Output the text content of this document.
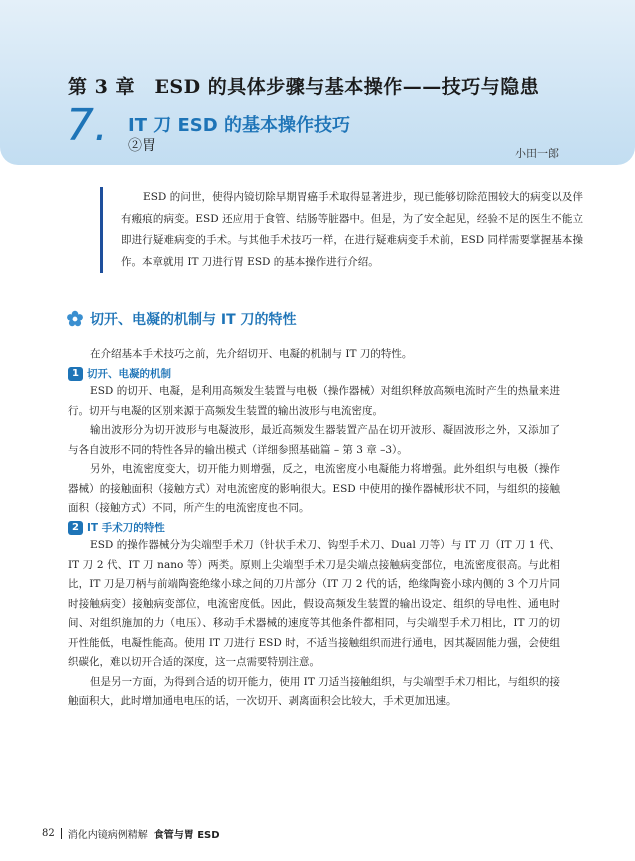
第 3 章　ESD 的具体步骤与基本操作——技巧与隐患
7. IT 刀 ESD 的基本操作技巧
②胃	小田一郎
ESD 的问世，使得内镜切除早期胃癌手术取得显著进步，现已能够切除范围较大的病变以及伴有瘢痕的病变。ESD 还应用于食管、结肠等脏器中。但是，为了安全起见，经验不足的医生不能立即进行疑难病变的手术。与其他手术技巧一样，在进行疑难病变手术前，ESD 同样需要掌握基本操作。本章就用 IT 刀进行胃 ESD 的基本操作进行介绍。
切开、电凝的机制与 IT 刀的特性

在介绍基本手术技巧之前，先介绍切开、电凝的机制与 IT 刀的特性。

1 切开、电凝的机制

ESD 的切开、电凝，是利用高频发生装置与电极（操作器械）对组织释放高频电流时产生的热量来进行。切开与电凝的区别来源于高频发生装置的输出波形与电流密度。

输出波形分为切开波形与电凝波形，最近高频发生器装置产品在切开波形、凝固波形之外，又添加了与各自波形不同的特性各异的输出模式（详细参照基础篇 – 第 3 章 –3）。

另外，电流密度变大，切开能力则增强，反之，电流密度小电凝能力将增强。此外组织与电极（操作器械）的接触面积（接触方式）对电流密度的影响很大。ESD 中使用的操作器械形状不同，与组织的接触面积（接触方式）不同，所产生的电流密度也不同。

2 IT 手术刀的特性

ESD 的操作器械分为尖端型手术刀（针状手术刀、钩型手术刀、Dual 刀等）与 IT 刀（IT 刀 1 代、IT 刀 2 代、IT 刀 nano 等）两类。原则上尖端型手术刀是尖端点接触病变部位，电流密度很高。与此相比，IT 刀是刀柄与前端陶瓷绝缘小球之间的刀片部分（IT 刀 2 代的话，绝缘陶瓷小球内侧的 3 个刀片同时接触病变）接触病变部位，电流密度低。因此，假设高频发生装置的输出设定、组织的导电性、通电时间、对组织施加的力（电压）、移动手术器械的速度等其他条件都相同，与尖端型手术刀相比，IT 刀的切开性能低，电凝性能高。使用 IT 刀进行 ESD 时，不适当接触组织而进行通电，因其凝固能力强，会使组织碳化，难以切开合适的深度，这一点需要特别注意。

但是另一方面，为得到合适的切开能力，使用 IT 刀适当接触组织，与尖端型手术刀相比，与组织的接触面积大，此时增加通电电压的话，一次切开、剥离面积会比较大，手术更加迅速。

82 消化内镜病例精解 食管与胃 ESD
